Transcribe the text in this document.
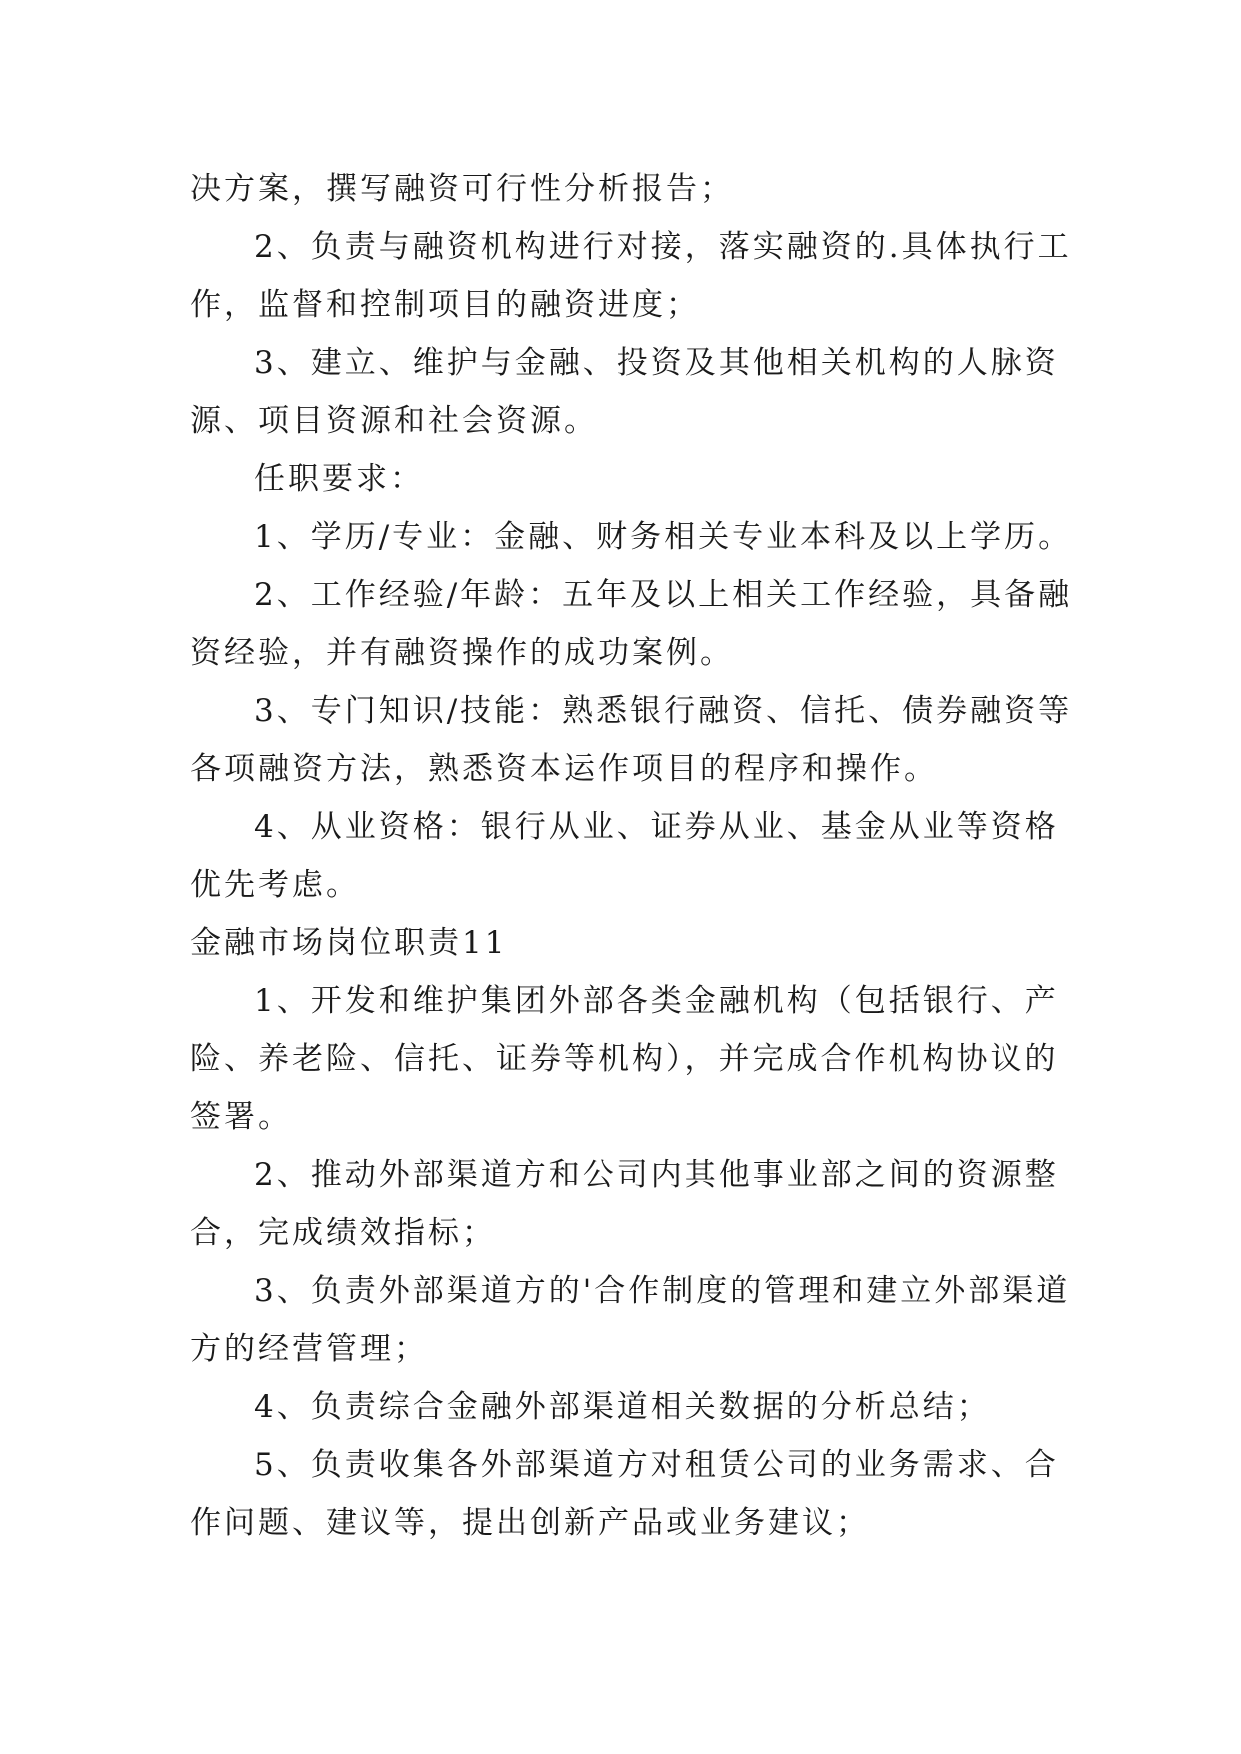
决方案，撰写融资可行性分析报告；

2、负责与融资机构进行对接，落实融资的.具体执行工

作，监督和控制项目的融资进度；

3、建立、维护与金融、投资及其他相关机构的人脉资

源、项目资源和社会资源。

任职要求：

1、学历/专业：金融、财务相关专业本科及以上学历。

2、工作经验/年龄：五年及以上相关工作经验，具备融

资经验，并有融资操作的成功案例。

3、专门知识/技能：熟悉银行融资、信托、债券融资等

各项融资方法，熟悉资本运作项目的程序和操作。

4、从业资格：银行从业、证券从业、基金从业等资格

优先考虑。

金融市场岗位职责11

1、开发和维护集团外部各类金融机构（包括银行、产

险、养老险、信托、证券等机构），并完成合作机构协议的

签署。

2、推动外部渠道方和公司内其他事业部之间的资源整

合，完成绩效指标；

3、负责外部渠道方的'合作制度的管理和建立外部渠道

方的经营管理；

4、负责综合金融外部渠道相关数据的分析总结；

5、负责收集各外部渠道方对租赁公司的业务需求、合

作问题、建议等，提出创新产品或业务建议；
